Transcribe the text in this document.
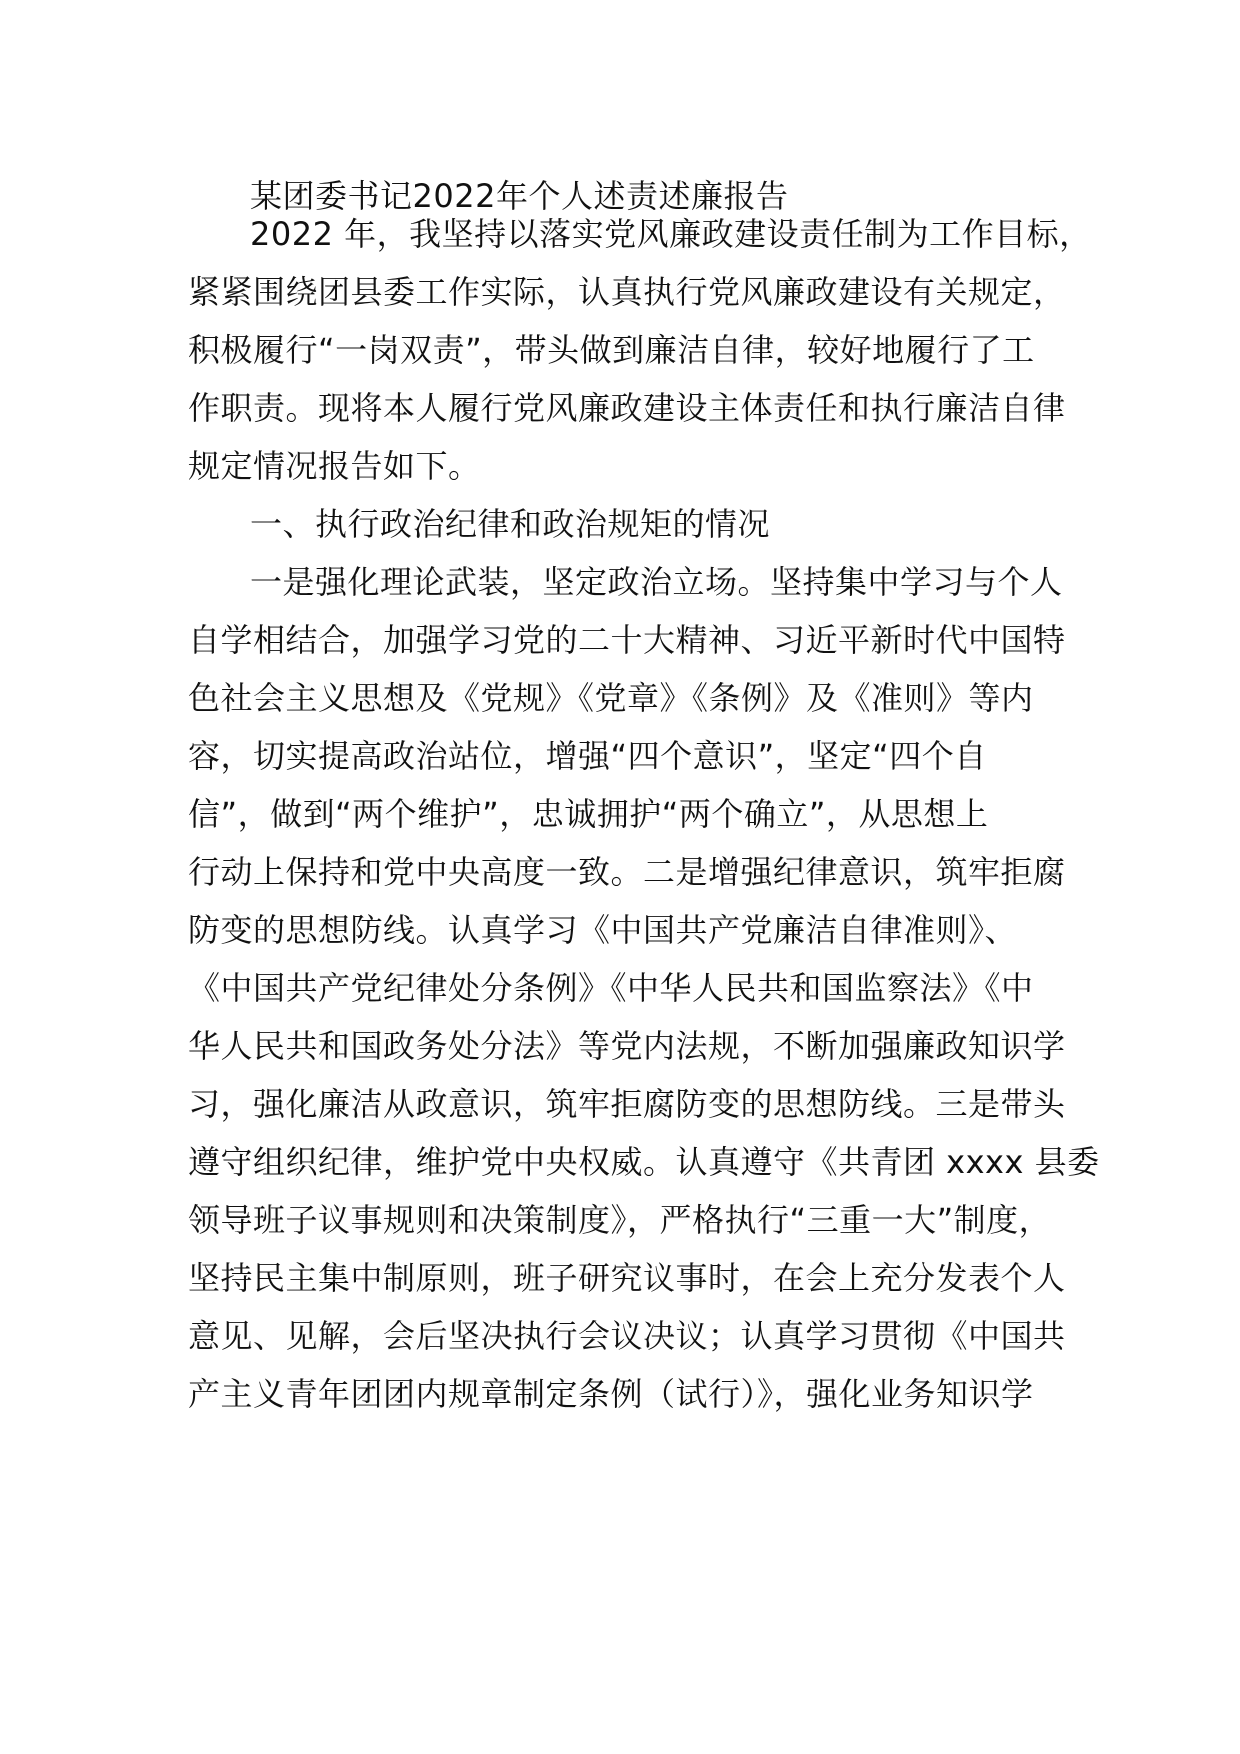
某团委书记2022年个人述责述廉报告
2022 年，我坚持以落实党风廉政建设责任制为工作目标，
紧紧围绕团县委工作实际，认真执行党风廉政建设有关规定，
积极履行“一岗双责”，带头做到廉洁自律，较好地履行了工
作职责。现将本人履行党风廉政建设主体责任和执行廉洁自律
规定情况报告如下。
一、执行政治纪律和政治规矩的情况
一是强化理论武装，坚定政治立场。坚持集中学习与个人
自学相结合，加强学习党的二十大精神、习近平新时代中国特
色社会主义思想及《党规》《党章》《条例》及《准则》等内
容，切实提高政治站位，增强“四个意识”，坚定“四个自
信”，做到“两个维护”，忠诚拥护“两个确立”，从思想上
行动上保持和党中央高度一致。二是增强纪律意识，筑牢拒腐
防变的思想防线。认真学习《中国共产党廉洁自律准则》、
《中国共产党纪律处分条例》《中华人民共和国监察法》《中
华人民共和国政务处分法》等党内法规，不断加强廉政知识学
习，强化廉洁从政意识，筑牢拒腐防变的思想防线。三是带头
遵守组织纪律，维护党中央权威。认真遵守《共青团 xxxx 县委
领导班子议事规则和决策制度》，严格执行“三重一大”制度，
坚持民主集中制原则，班子研究议事时，在会上充分发表个人
意见、见解，会后坚决执行会议决议；认真学习贯彻《中国共
产主义青年团团内规章制定条例（试行）》，强化业务知识学
